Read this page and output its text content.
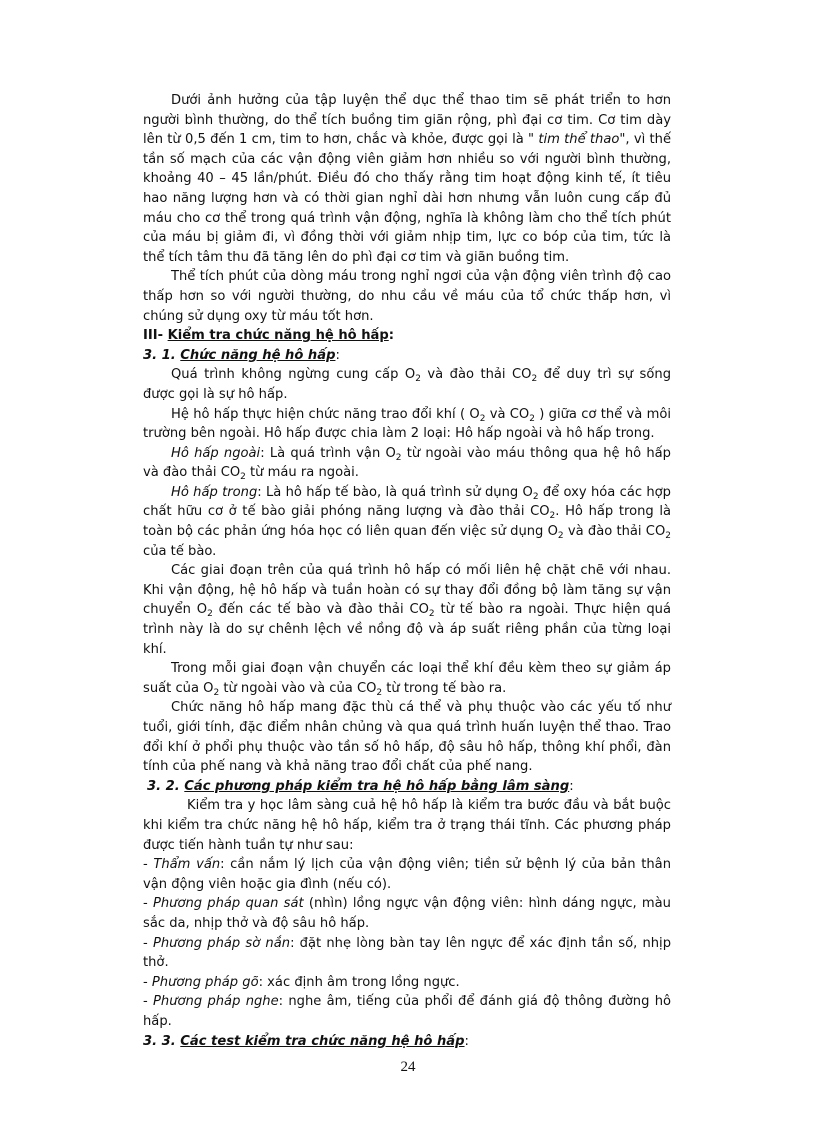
Dưới ảnh hưởng của tập luyện thể dục thể thao tim sẽ phát triển to hơn người bình thường, do thể tích buồng tim giãn rộng, phì đại cơ tim. Cơ tim dày lên từ 0,5 đến 1 cm, tim to hơn, chắc và khỏe, được gọi là " tim thể thao", vì thế tần số mạch của các vận động viên giảm hơn nhiều so với người bình thường, khoảng 40 – 45 lần/phút. Điều đó cho thấy rằng tim hoạt động kinh tế, ít tiêu hao năng lượng hơn và có thời gian nghỉ dài hơn nhưng vẫn luôn cung cấp đủ máu cho cơ thể trong quá trình vận động, nghĩa là không làm cho thể tích phút của máu bị giảm đi, vì đồng thời với giảm nhịp tim, lực co bóp của tim, tức là thể tích tâm thu đã tăng lên do phì đại cơ tim và giãn buồng tim.

Thể tích phút của dòng máu trong nghỉ ngơi của vận động viên trình độ cao thấp hơn so với người thường, do nhu cầu về máu của tổ chức thấp hơn, vì chúng sử dụng oxy từ máu tốt hơn.

III- Kiểm tra chức năng hệ hô hấp:

3. 1. Chức năng hệ hô hấp:

Quá trình không ngừng cung cấp $O_2$ và đào thải $CO_2$ để duy trì sự sống được gọi là sự hô hấp.

Hệ hô hấp thực hiện chức năng trao đổi khí ( $O_2$ và $CO_2$ ) giữa cơ thể và môi trường bên ngoài. Hô hấp được chia làm 2 loại: Hô hấp ngoài và hô hấp trong.

Hô hấp ngoài: Là quá trình vận $O_2$ từ ngoài vào máu thông qua hệ hô hấp và đào thải $CO_2$ từ máu ra ngoài.

Hô hấp trong: Là hô hấp tế bào, là quá trình sử dụng $O_2$ để oxy hóa các hợp chất hữu cơ ở tế bào giải phóng năng lượng và đào thải $CO_2$. Hô hấp trong là toàn bộ các phản ứng hóa học có liên quan đến việc sử dụng $O_2$ và đào thải $CO_2$ của tế bào.

Các giai đoạn trên của quá trình hô hấp có mối liên hệ chặt chẽ với nhau. Khi vận động, hệ hô hấp và tuần hoàn có sự thay đổi đồng bộ làm tăng sự vận chuyển $O_2$ đến các tế bào và đào thải $CO_2$ từ tế bào ra ngoài. Thực hiện quá trình này là do sự chênh lệch về nồng độ và áp suất riêng phần của từng loại khí.

Trong mỗi giai đoạn vận chuyển các loại thể khí đều kèm theo sự giảm áp suất của $O_2$ từ ngoài vào và của $CO_2$ từ trong tế bào ra.

Chức năng hô hấp mang đặc thù cá thể và phụ thuộc vào các yếu tố như tuổi, giới tính, đặc điểm nhân chủng và qua quá trình huấn luyện thể thao. Trao đổi khí ở phổi phụ thuộc vào tần số hô hấp, độ sâu hô hấp, thông khí phổi, đàn tính của phế nang và khả năng trao đổi chất của phế nang.

3. 2. Các phương pháp kiểm tra hệ hô hấp bằng lâm sàng:

Kiểm tra y học lâm sàng cuả hệ hô hấp là kiểm tra bước đầu và bắt buộc khi kiểm tra chức năng hệ hô hấp, kiểm tra ở trạng thái tĩnh. Các phương pháp được tiến hành tuần tự như sau:

- Thẩm vấn: cần nắm lý lịch của vận động viên; tiền sử bệnh lý của bản thân vận động viên hoặc gia đình (nếu có).

- Phương pháp quan sát (nhìn) lồng ngực vận động viên: hình dáng ngực, màu sắc da, nhịp thở và độ sâu hô hấp.

- Phương pháp sờ nắn: đặt nhẹ lòng bàn tay lên ngực để xác định tần số, nhịp thở.

- Phương pháp gõ: xác định âm trong lồng ngực.

- Phương pháp nghe: nghe âm, tiếng của phổi để đánh giá độ thông đường hô hấp.

3. 3. Các test kiểm tra chức năng hệ hô hấp:

24
